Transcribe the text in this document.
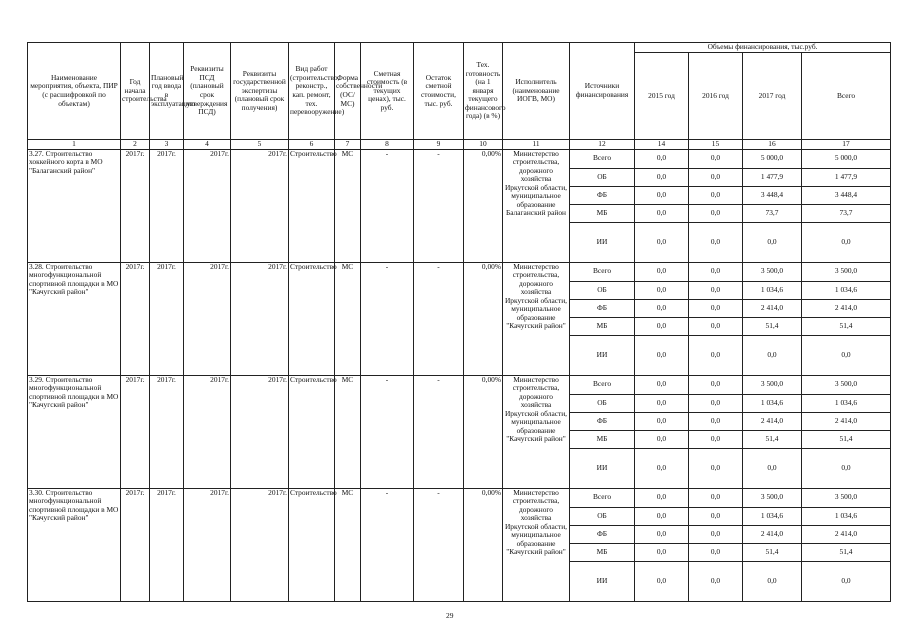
Наименование мероприятия, объекта, ПИР (с расшифровкой по объектам)	Год начала строительства	Плановый год ввода в эксплуатацию	Реквизиты ПСД (плановый срок утверждения ПСД)	Реквизиты государственной экспертизы (плановый срок получения)	Вид работ (строительство, реконстр., кап. ремонт, тех. перевооружение)	Форма собственности (ОС/МС)	Сметная стоимость (в текущих ценах), тыс. руб.	Остаток сметной стоимости, тыс. руб.	Тех. готовность (на 1 января текущего финансового года) (в %)	Исполнитель (наименование ИОГВ, МО)	Источники финансирования	Объемы финансирования, тыс.руб.			
												2015 год	2016 год	2017 год	Всего
1	2	3	4	5	6	7	8	9	10	11	12	14	15	16	17
3.27. Строительство хоккейного корта в МО "Балаганский район"	2017г.	2017г.	2017г.	2017г.	Строительство	МС	-	-	0,00%	Министерство строительства, дорожного хозяйства Иркутской области, муниципальное образование Балаганский район	Всего	0,0	0,0	5 000,0	5 000,0
											ОБ	0,0	0,0	1 477,9	1 477,9
											ФБ	0,0	0,0	3 448,4	3 448,4
											МБ	0,0	0,0	73,7	73,7
											ИИ	0,0	0,0	0,0	0,0
3.28. Строительство многофункциональной спортивной площадки в МО "Качугский район"	2017г.	2017г.	2017г.	2017г.	Строительство	МС	-	-	0,00%	Министерство строительства, дорожного хозяйства Иркутской области, муниципальное образование "Качугский район"	Всего	0,0	0,0	3 500,0	3 500,0
											ОБ	0,0	0,0	1 034,6	1 034,6
											ФБ	0,0	0,0	2 414,0	2 414,0
											МБ	0,0	0,0	51,4	51,4
											ИИ	0,0	0,0	0,0	0,0
3.29. Строительство многофункциональной спортивной площадки в МО "Качугский район"	2017г.	2017г.	2017г.	2017г.	Строительство	МС	-	-	0,00%	Министерство строительства, дорожного хозяйства Иркутской области, муниципальное образование "Качугский район"	Всего	0,0	0,0	3 500,0	3 500,0
											ОБ	0,0	0,0	1 034,6	1 034,6
											ФБ	0,0	0,0	2 414,0	2 414,0
											МБ	0,0	0,0	51,4	51,4
											ИИ	0,0	0,0	0,0	0,0
3.30. Строительство многофункциональной спортивной площадки в МО "Качугский район"	2017г.	2017г.	2017г.	2017г.	Строительство	МС	-	-	0,00%	Министерство строительства, дорожного хозяйства Иркутской области, муниципальное образование "Качугский район"	Всего	0,0	0,0	3 500,0	3 500,0
											ОБ	0,0	0,0	1 034,6	1 034,6
											ФБ	0,0	0,0	2 414,0	2 414,0
											МБ	0,0	0,0	51,4	51,4
											ИИ	0,0	0,0	0,0	0,0
29
